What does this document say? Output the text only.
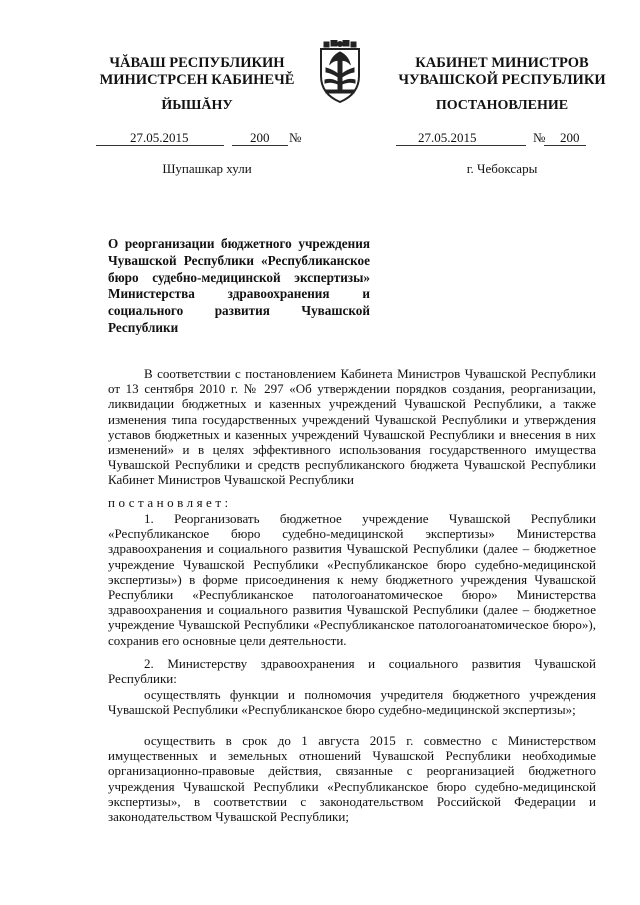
ЧĂВАШ РЕСПУБЛИКИН
МИНИСТРСЕН КАБИНЕЧĚ
ЙЫШĂНУ
КАБИНЕТ МИНИСТРОВ
ЧУВАШСКОЙ РЕСПУБЛИКИ
ПОСТАНОВЛЕНИЕ
27.05.2015	200 №	27.05.2015	№ 200
Шупашкар хули	г. Чебоксары
О реорганизации бюджетного учреждения Чувашской Республики «Республиканское бюро судебно-медицинской экспертизы» Министерства здравоохранения и социального развития Чувашской Республики
В соответствии с постановлением Кабинета Министров Чувашской Республики от 13 сентября 2010 г. № 297 «Об утверждении порядков создания, реорганизации, ликвидации бюджетных и казенных учреждений Чувашской Республики, а также изменения типа государственных учреждений Чувашской Республики и утверждения уставов бюджетных и казенных учреждений Чувашской Республики и внесения в них изменений» и в целях эффективного использования государственного имущества Чувашской Республики и средств республиканского бюджета Чувашской Республики Кабинет Министров Чувашской Республики
постановляет:
1. Реорганизовать бюджетное учреждение Чувашской Республики «Республиканское бюро судебно-медицинской экспертизы» Министерства здравоохранения и социального развития Чувашской Республики (далее – бюджетное учреждение Чувашской Республики «Республиканское бюро судебно-медицинской экспертизы») в форме присоединения к нему бюджетного учреждения Чувашской Республики «Республиканское патологоанатомическое бюро» Министерства здравоохранения и социального развития Чувашской Республики (далее – бюджетное учреждение Чувашской Республики «Республиканское патологоанатомическое бюро»), сохранив его основные цели деятельности.
2. Министерству здравоохранения и социального развития Чувашской Республики:
осуществлять функции и полномочия учредителя бюджетного учреждения Чувашской Республики «Республиканское бюро судебно-медицинской экспертизы»;
осуществить в срок до 1 августа 2015 г. совместно с Министерством имущественных и земельных отношений Чувашской Республики необходимые организационно-правовые действия, связанные с реорганизацией бюджетного учреждения Чувашской Республики «Республиканское бюро судебно-медицинской экспертизы», в соответствии с законодательством Российской Федерации и законодательством Чувашской Республики;
